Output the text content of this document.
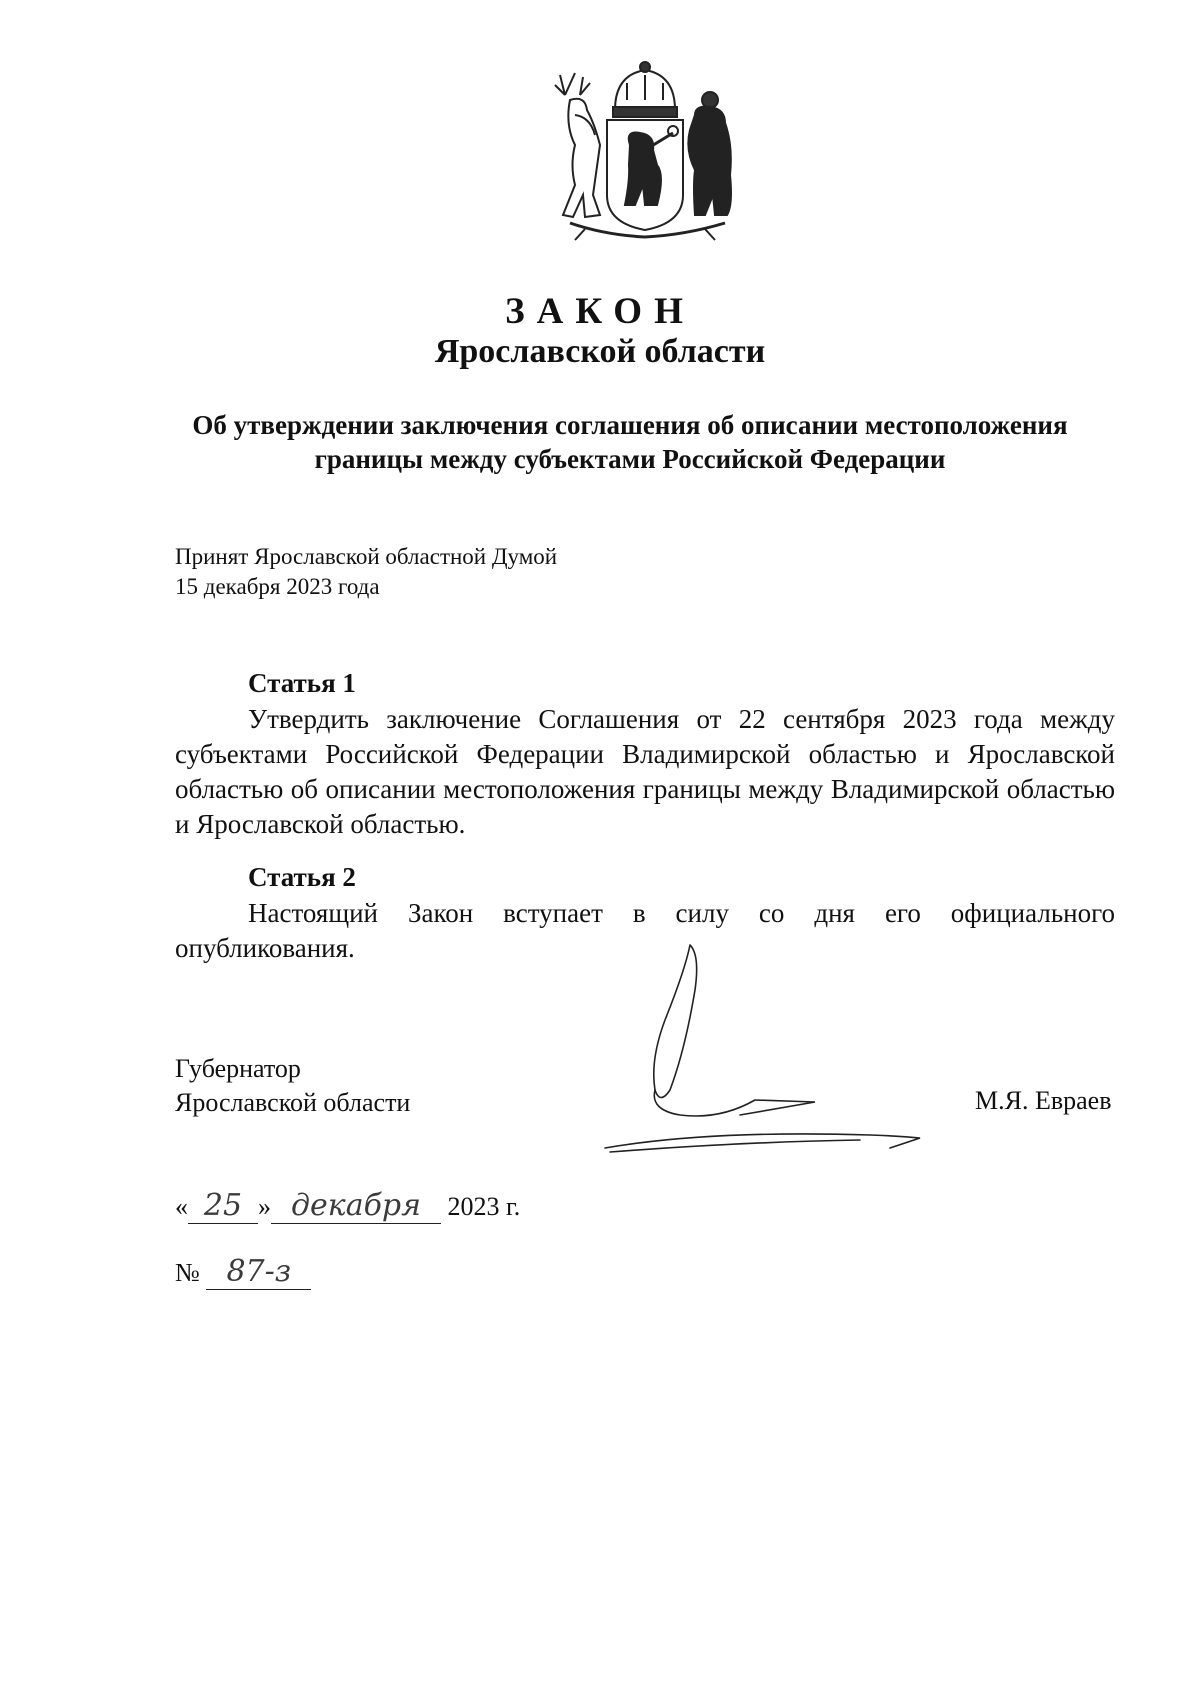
ЗАКОН
Ярославской области
Об утверждении заключения соглашения об описании местоположения
границы между субъектами Российской Федерации
Принят Ярославской областной Думой
15 декабря 2023 года
Статья 1

Утвердить заключение Соглашения от 22 сентября 2023 года между субъектами Российской Федерации Владимирской областью и Ярославской областью об описании местоположения границы между Владимирской областью и Ярославской областью.

Статья 2

Настоящий Закон вступает в силу со дня его официального опубликования.

Губернатор
Ярославской области	М.Я. Евраев
« 25 » декабря 2023 г.
№ 87-з
